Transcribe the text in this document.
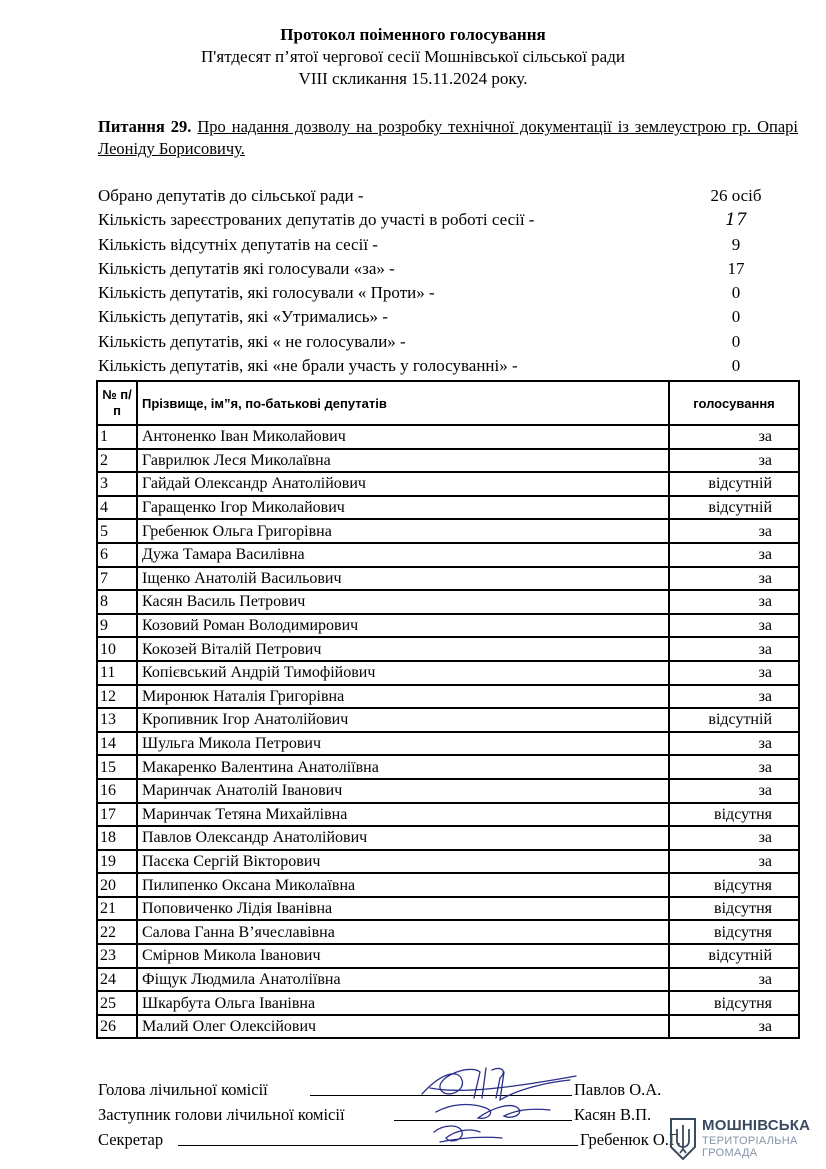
Протокол поіменного голосування
П'ятдесят п’ятої чергової сесії Мошнівської сільської ради
VIII скликання 15.11.2024 року.
Питання 29. Про надання дозволу на розробку технічної документації із землеустрою гр. Опарі Леоніду Борисовичу.
Обрано депутатів до сільської ради -	26 осіб
Кількість зареєстрованих депутатів до участі в роботі сесії -	17
Кількість відсутніх депутатів на сесії -	9
Кількість депутатів які голосували «за» -	17
Кількість депутатів, які голосували « Проти» -	0
Кількість депутатів, які «Утримались» -	0
Кількість депутатів, які « не голосували» -	0
Кількість депутатів, які «не брали участь у голосуванні» -	0
№ п/п	Прізвище, ім”я, по-батькові депутатів	голосування
1	Антоненко Іван Миколайович	за
2	Гаврилюк Леся Миколаївна	за
3	Гайдай Олександр Анатолійович	відсутній
4	Гаращенко Ігор Миколайович	відсутній
5	Гребенюк Ольга Григорівна	за
6	Дужа Тамара Василівна	за
7	Іщенко Анатолій Васильович	за
8	Касян Василь Петрович	за
9	Козовий Роман Володимирович	за
10	Кокозей Віталій Петрович	за
11	Копієвський Андрій Тимофійович	за
12	Миронюк Наталія Григорівна	за
13	Кропивник Ігор Анатолійович	відсутній
14	Шульга Микола Петрович	за
15	Макаренко Валентина Анатоліївна	за
16	Маринчак Анатолій Іванович	за
17	Маринчак Тетяна Михайлівна	відсутня
18	Павлов Олександр Анатолійович	за
19	Пасєка Сергій Вікторович	за
20	Пилипенко Оксана Миколаївна	відсутня
21	Поповиченко Лідія Іванівна	відсутня
22	Салова Ганна В’ячеславівна	відсутня
23	Смірнов Микола Іванович	відсутній
24	Фіщук Людмила Анатоліївна	за
25	Шкарбута Ольга Іванівна	відсутня
26	Малий Олег Олексійович	за
Голова лічильної комісії	Павлов О.А.
Заступник голови лічильної комісії	Касян В.П.
Секретар	Гребенюк О.Г.
МОШНІВСЬКА
ТЕРИТОРІАЛЬНА
ГРОМАДА
